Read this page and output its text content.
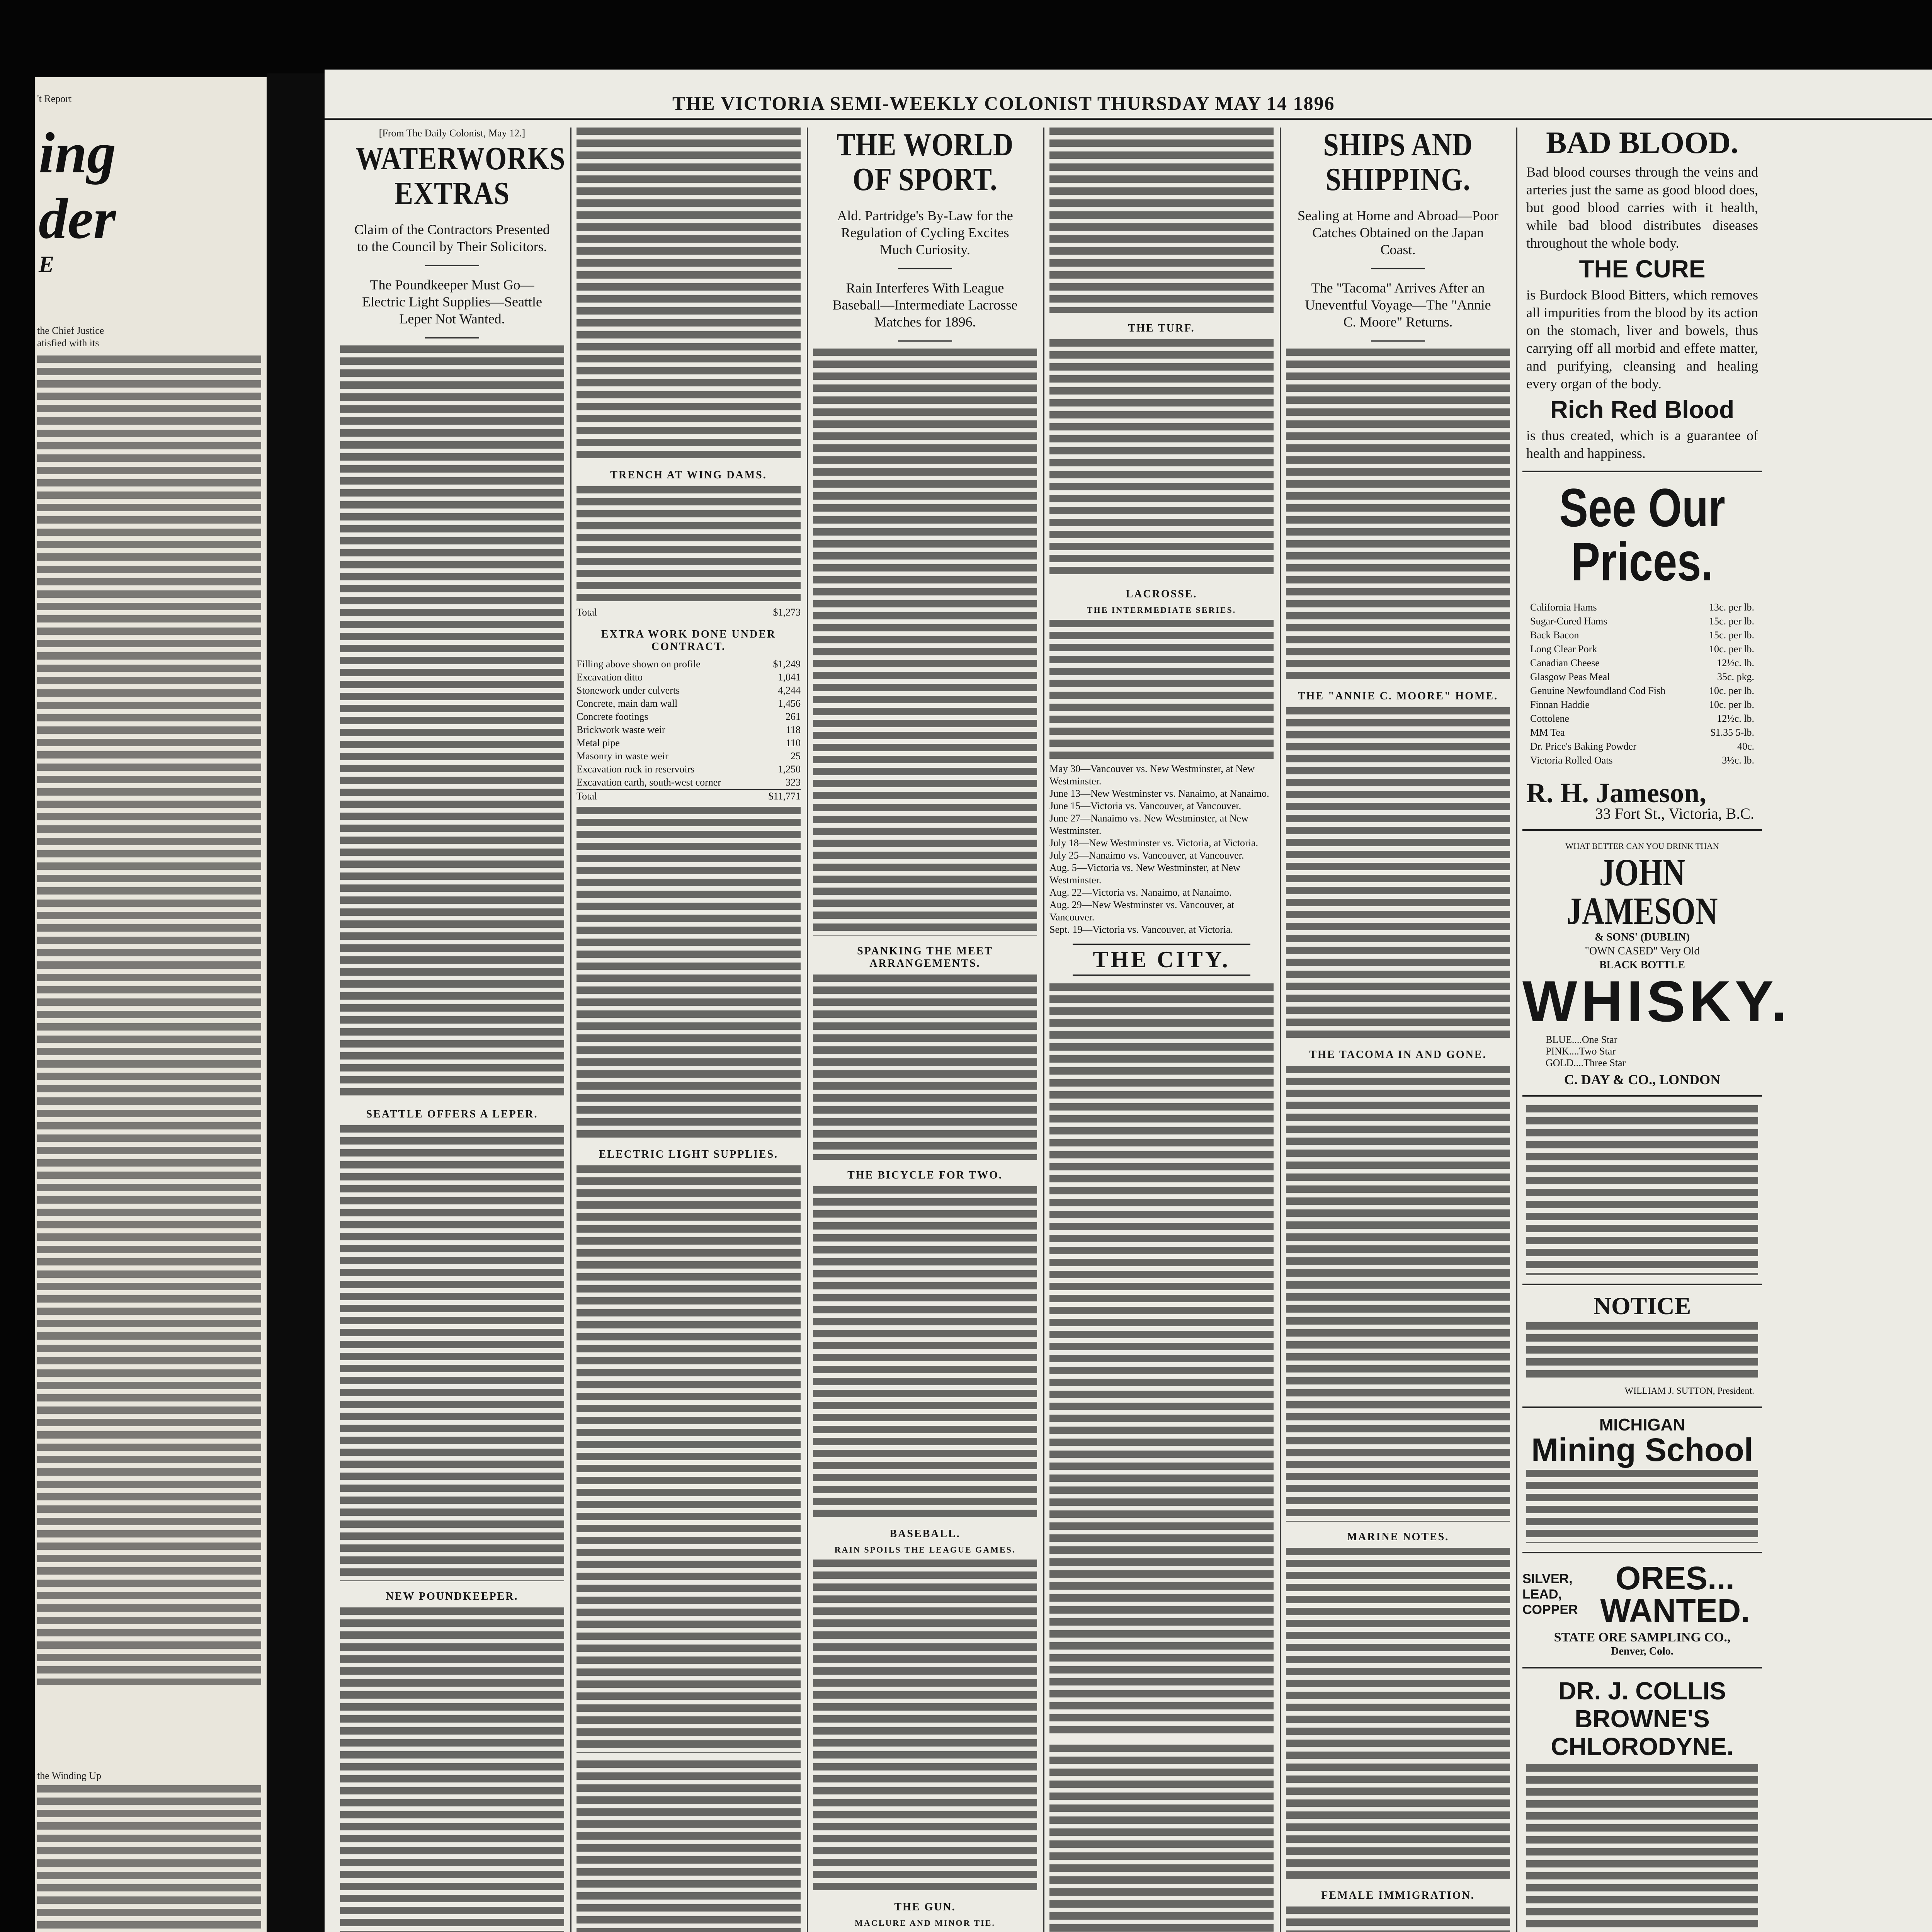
't Report
ing
der
E
the Chief Justice
atisfied with its
the Winding Up
THE VICTORIA SEMI-WEEKLY COLONIST THURSDAY MAY 14 1896
[From The Daily Colonist, May 12.]
WATERWORKS EXTRAS
Claim of the Contractors Presented to the Council by Their Solicitors.
The Poundkeeper Must Go—Electric Light Supplies—Seattle Leper Not Wanted.
SEATTLE OFFERS A LEPER.
NEW POUNDKEEPER.
TRENCH AT WING DAMS.
Total	$1,273
EXTRA WORK DONE UNDER CONTRACT.
Filling above shown on profile	$1,249
Excavation ditto	1,041
Stonework under culverts	4,244
Concrete, main dam wall	1,456
Concrete footings	261
Brickwork waste weir	118
Metal pipe	110
Masonry in waste weir	25
Excavation rock in reservoirs	1,250
Excavation earth, south-west corner	323
Total	$11,771
ELECTRIC LIGHT SUPPLIES.
THE WORLD OF SPORT.
Ald. Partridge's By-Law for the Regulation of Cycling Excites Much Curiosity.
Rain Interferes With League Baseball—Intermediate Lacrosse Matches for 1896.
SPANKING THE MEET ARRANGEMENTS.
THE BICYCLE FOR TWO.
BASEBALL.
RAIN SPOILS THE LEAGUE GAMES.
THE GUN.
MACLURE AND MINOR TIE.
THE TURF.
LACROSSE.
THE INTERMEDIATE SERIES.
May 30—Vancouver vs. New Westminster, at New Westminster.
June 13—New Westminster vs. Nanaimo, at Nanaimo.
June 15—Victoria vs. Vancouver, at Vancouver.
June 27—Nanaimo vs. New Westminster, at New Westminster.
July 18—New Westminster vs. Victoria, at Victoria.
July 25—Nanaimo vs. Vancouver, at Vancouver.
Aug. 5—Victoria vs. New Westminster, at New Westminster.
Aug. 22—Victoria vs. Nanaimo, at Nanaimo.
Aug. 29—New Westminster vs. Vancouver, at Vancouver.
Sept. 19—Victoria vs. Vancouver, at Victoria.
THE CITY.
SHIPS AND SHIPPING.
Sealing at Home and Abroad—Poor Catches Obtained on the Japan Coast.
The "Tacoma" Arrives After an Uneventful Voyage—The "Annie C. Moore" Returns.
THE "ANNIE C. MOORE" HOME.
THE TACOMA IN AND GONE.
MARINE NOTES.
FEMALE IMMIGRATION.
BAD BLOOD.
Bad blood courses through the veins and arteries just the same as good blood does, but good blood carries with it health, while bad blood distributes diseases throughout the whole body.
THE CURE
is Burdock Blood Bitters, which removes all impurities from the blood by its action on the stomach, liver and bowels, thus carrying off all morbid and effete matter, and purifying, cleansing and healing every organ of the body.
Rich Red Blood
is thus created, which is a guarantee of health and happiness.
See Our Prices.
California Hams	13c. per lb.
Sugar-Cured Hams	15c. per lb.
Back Bacon	15c. per lb.
Long Clear Pork	10c. per lb.
Canadian Cheese	12½c. lb.
Glasgow Peas Meal	35c. pkg.
Genuine Newfoundland Cod Fish	10c. per lb.
Finnan Haddie	10c. per lb.
Cottolene	12½c. lb.
MM Tea	$1.35 5-lb.
Dr. Price's Baking Powder	40c.
Victoria Rolled Oats	3½c. lb.
R. H. Jameson,
33 Fort St., Victoria, B.C.
WHAT BETTER CAN YOU DRINK THAN
JOHN JAMESON
& SONS' (DUBLIN)
"OWN CASED" Very Old
BLACK BOTTLE
WHISKY.
BLUE....One Star
PINK....Two Star
GOLD....Three Star
C. DAY & CO., LONDON
NOTICE
WILLIAM J. SUTTON, President.
MICHIGAN
Mining School
SILVER, LEAD, COPPER
ORES... WANTED.
STATE ORE SAMPLING CO.,
Denver, Colo.
DR. J. COLLIS BROWNE'S CHLORODYNE.
